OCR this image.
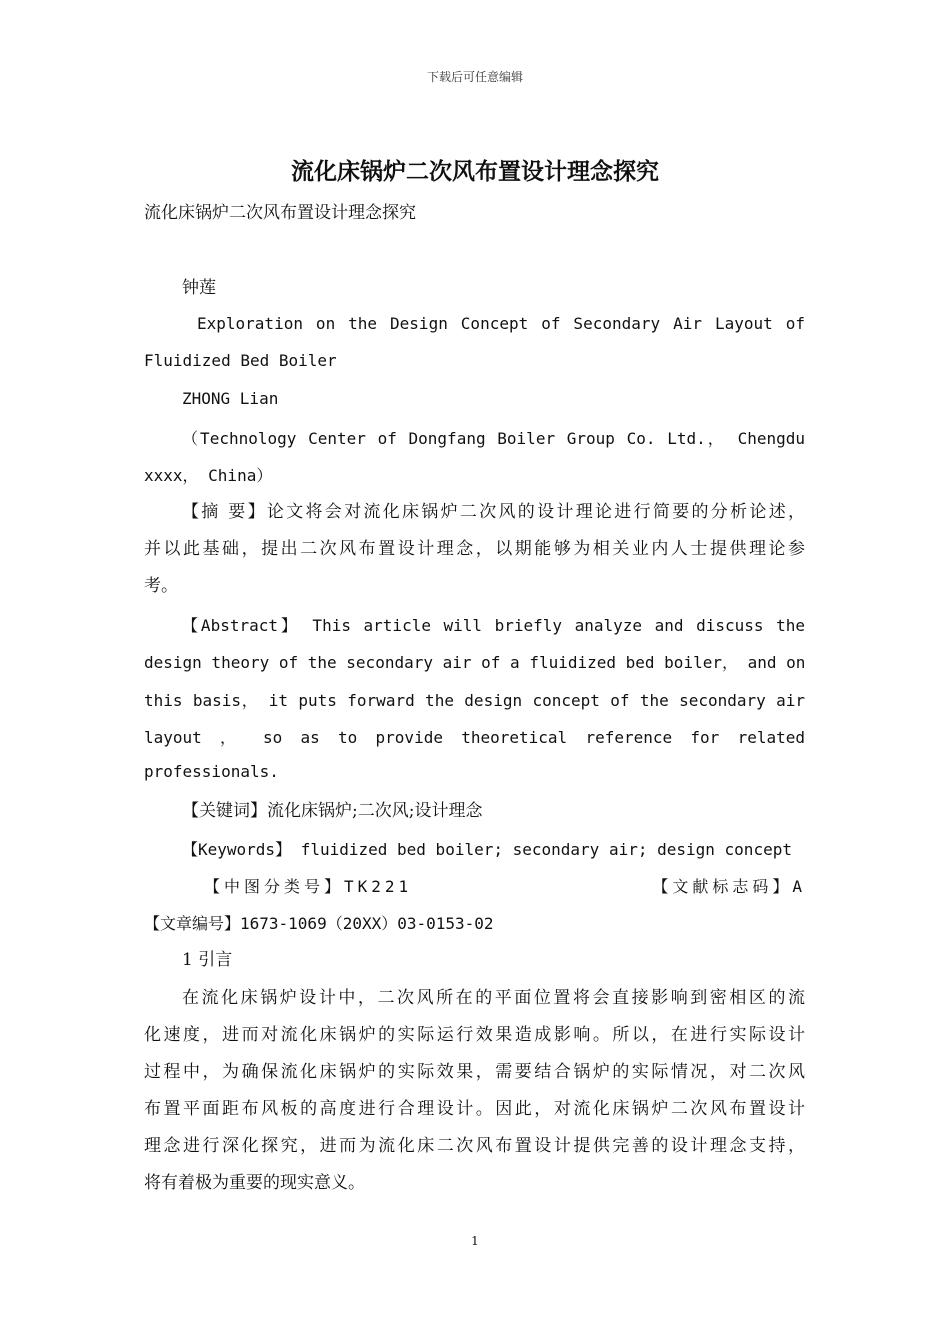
下载后可任意编辑
流化床锅炉二次风布置设计理念探究
流化床锅炉二次风布置设计理念探究
钟莲
Exploration on the Design Concept of Secondary Air Layout of
Fluidized Bed Boiler
ZHONG Lian
（Technology Center of Dongfang Boiler Group Co. Ltd.， Chengdu
xxxx， China）
【摘 要】论文将会对流化床锅炉二次风的设计理论进行简要的分析论述，
并以此基础，提出二次风布置设计理念，以期能够为相关业内人士提供理论参
考。
【Abstract】 This article will briefly analyze and discuss the
design theory of the secondary air of a fluidized bed boiler， and on
this basis， it puts forward the design concept of the secondary air
layout ， so as to provide theoretical reference for related
professionals.
【关键词】流化床锅炉;二次风;设计理念
【Keywords】 fluidized bed boiler; secondary air; design concept
【中图分类号】TK221	【文献标志码】A
【文章编号】1673-1069（20XX）03-0153-02
1 引言
在流化床锅炉设计中，二次风所在的平面位置将会直接影响到密相区的流
化速度，进而对流化床锅炉的实际运行效果造成影响。所以，在进行实际设计
过程中，为确保流化床锅炉的实际效果，需要结合锅炉的实际情况，对二次风
布置平面距布风板的高度进行合理设计。因此，对流化床锅炉二次风布置设计
理念进行深化探究，进而为流化床二次风布置设计提供完善的设计理念支持，
将有着极为重要的现实意义。
1
